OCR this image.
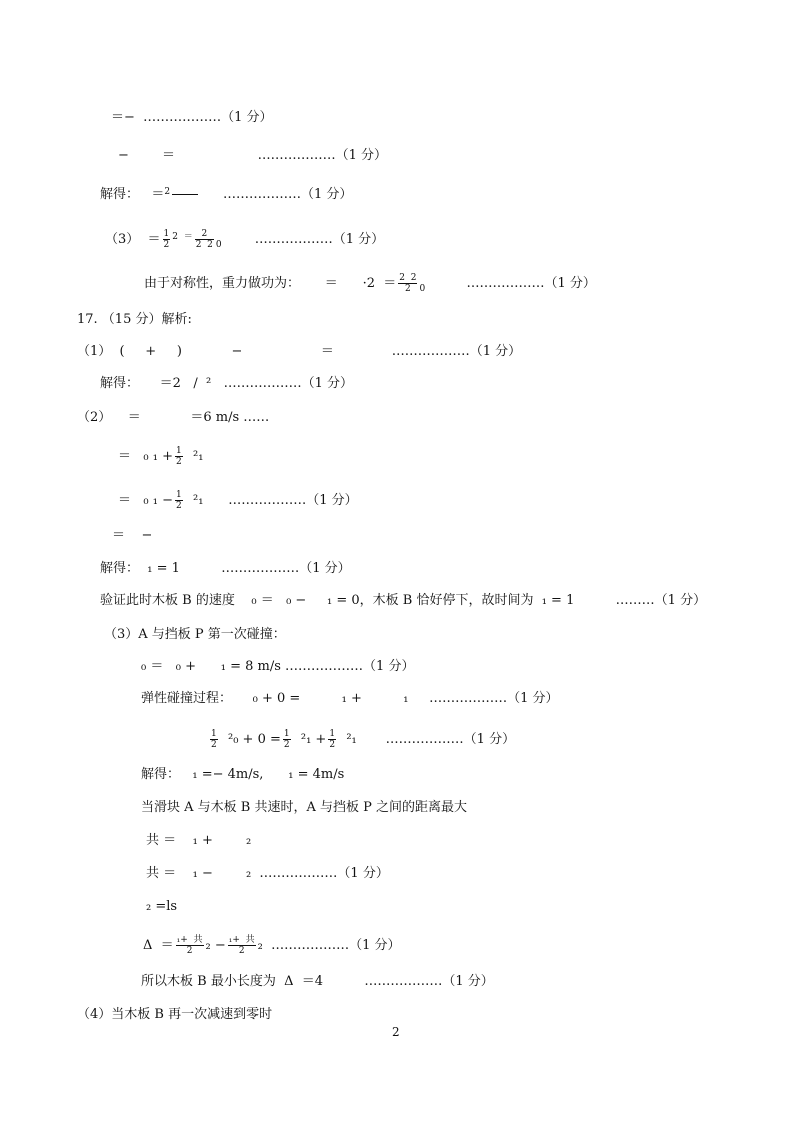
＝−  ………………（1 分）
−        ＝                    ………………（1 分）
解得：   ＝$^2$	………………（1 分）
$(3) = \frac{1}{2} ^{2 =} \frac{2}{2 2} _0$	………………（1 分）
由于对称性，重力做功为：      ＝      $\cdot 2 = \frac{2 2}{2} _0$	………………（1 分）
17. （15 分）解析:
（1）  (     +     )            −                   ＝              ………………（1 分）
解得：     ＝2   /  ²   ………………（1 分）
（2）    ＝            ＝6 m/s ……
＝   ₀ $_1 + \frac{1}{2} ^2_1$
＝   ₀ $_1 - \frac{1}{2} ^2_1$      ………………（1 分）
＝    −
解得：  ₁ = 1          ………………（1 分）
验证此时木板 B 的速度    ₀ ＝   ₀ −     ₁ = 0，木板 B 恰好停下，故时间为  ₁ = 1          ………（1 分）
（3）A 与挡板 P 第一次碰撞：
₀ ＝   ₀ +      ₁ = 8 m/s ………………（1 分）
弹性碰撞过程：     ₀ + 0 =          ₁ +          ₁     ………………（1 分）
$\frac{1}{2} ^2_0 + 0 = \frac{1}{2} ^2_1 + \frac{1}{2} ^2_1$       ………………（1 分）
解得：   ₁ =− 4m/s,      ₁ = 4m/s
当滑块 A 与木板 B 共速时，A 与挡板 P 之间的距离最大
共 ＝    ₁ +        ₂
共 ＝    ₁ −        ₂  ………………（1 分）
₂ =ls
$\Delta = \frac{\text{₁+  共}}{2} _2 - \frac{\text{₁+  共}}{2} _2$  ………………（1 分）
所以木板 B 最小长度为  Δ  ＝4          ………………（1 分）
（4）当木板 B 再一次减速到零时
2
